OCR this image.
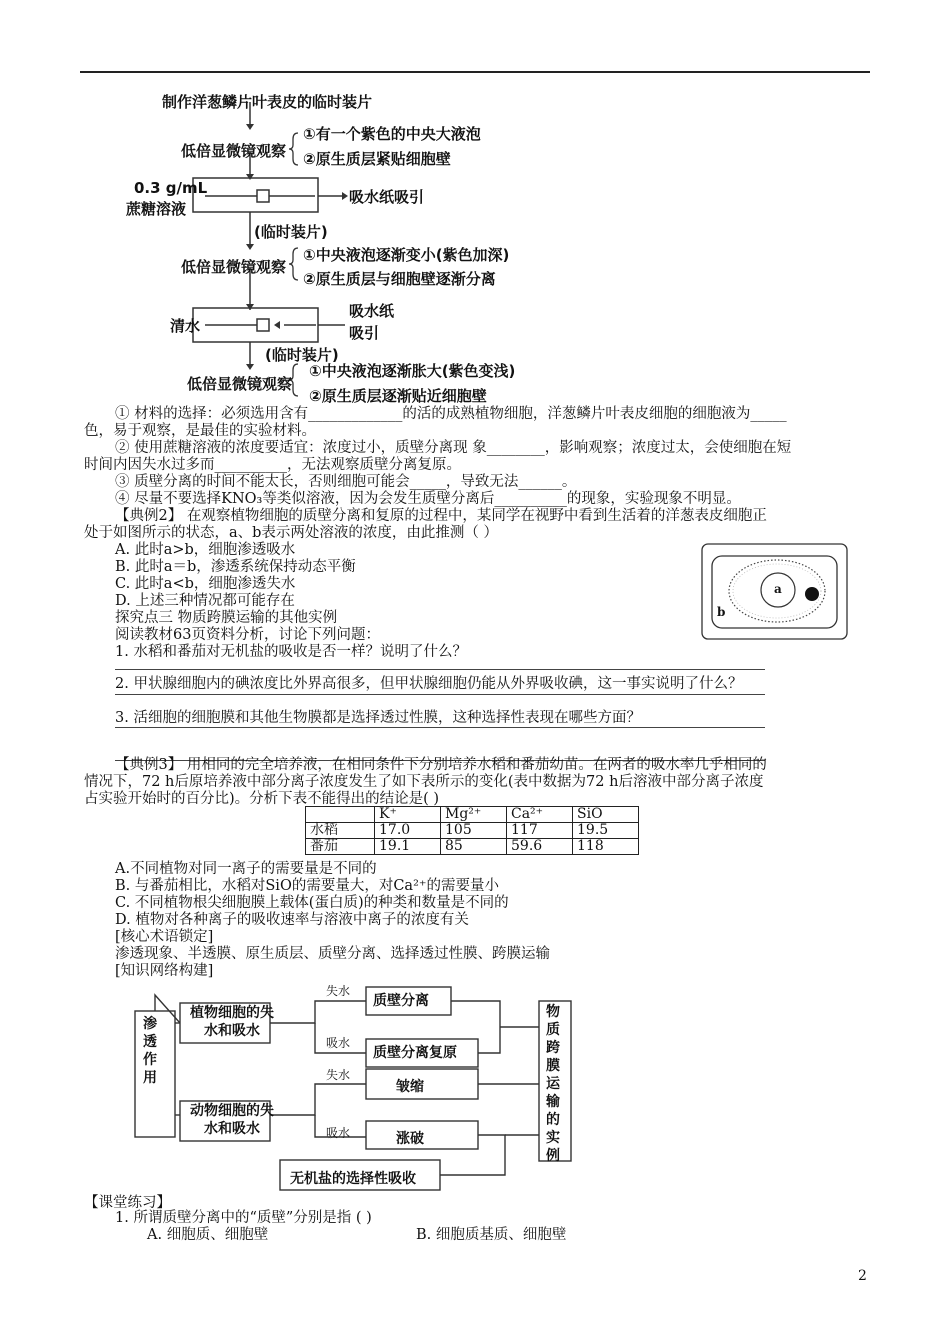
制作洋葱鳞片叶表皮的临时装片
低倍显微镜观察
①有一个紫色的中央大液泡
②原生质层紧贴细胞壁
0.3 g/mL
蔗糖溶液
吸水纸吸引
(临时装片)
低倍显微镜观察
①中央液泡逐渐变小(紫色加深)
②原生质层与细胞壁逐渐分离
清水
吸水纸
吸引
(临时装片)
低倍显微镜观察
①中央液泡逐渐胀大(紫色变浅)
②原生质层逐渐贴近细胞壁
① 材料的选择：必须选用含有_____________的活的成熟植物细胞，洋葱鳞片叶表皮细胞的细胞液为_____
色，易于观察，是最佳的实验材料。
② 使用蔗糖溶液的浓度要适宜：浓度过小，质壁分离现 象________，影响观察；浓度过太，会使细胞在短
时间内因失水过多而__________，无法观察质壁分离复原。
③ 质壁分离的时间不能太长，否则细胞可能会_____，导致无法______。
④ 尽量不要选择KNO₃等类似溶液，因为会发生质壁分离后__________的现象，实验现象不明显。
【典例2】 在观察植物细胞的质壁分离和复原的过程中，某同学在视野中看到生活着的洋葱表皮细胞正
处于如图所示的状态，a、b表示两处溶液的浓度，由此推测（ ）
A. 此时a>b，细胞渗透吸水
B. 此时a＝b，渗透系统保持动态平衡
C. 此时a<b，细胞渗透失水
D. 上述三种情况都可能存在
a
b
探究点三 物质跨膜运输的其他实例
阅读教材63页资料分析，讨论下列问题：
1. 水稻和番茄对无机盐的吸收是否一样？说明了什么？
2. 甲状腺细胞内的碘浓度比外界高很多，但甲状腺细胞仍能从外界吸收碘，这一事实说明了什么？
3. 活细胞的细胞膜和其他生物膜都是选择透过性膜，这种选择性表现在哪些方面？
【典例3】 用相同的完全培养液，在相同条件下分别培养水稻和番茄幼苗。在两者的吸水率几乎相同的
情况下，72 h后原培养液中部分离子浓度发生了如下表所示的变化(表中数据为72 h后溶液中部分离子浓度
占实验开始时的百分比)。分析下表不能得出的结论是( )
	K⁺	Mg²⁺	Ca²⁺	SiO
水稻	17.0	105	117	19.5
番茄	19.1	85	59.6	118
A.不同植物对同一离子的需要量是不同的
B. 与番茄相比，水稻对SiO的需要量大，对Ca²⁺的需要量小
C. 不同植物根尖细胞膜上载体(蛋白质)的种类和数量是不同的
D. 植物对各种离子的吸收速率与溶液中离子的浓度有关
[核心术语锁定]
渗透现象、半透膜、原生质层、质壁分离、选择透过性膜、跨膜运输
[知识网络构建]
渗透作用
植物细胞的失水和吸水
动物细胞的失水和吸水
失水
吸水
失水
吸水
质壁分离
质壁分离复原
皱缩
涨破
无机盐的选择性吸收
物质跨膜运输的实例
【课堂练习】
1. 所谓质壁分离中的“质壁”分别是指 ( )
A. 细胞质、细胞壁	B. 细胞质基质、细胞壁
2
